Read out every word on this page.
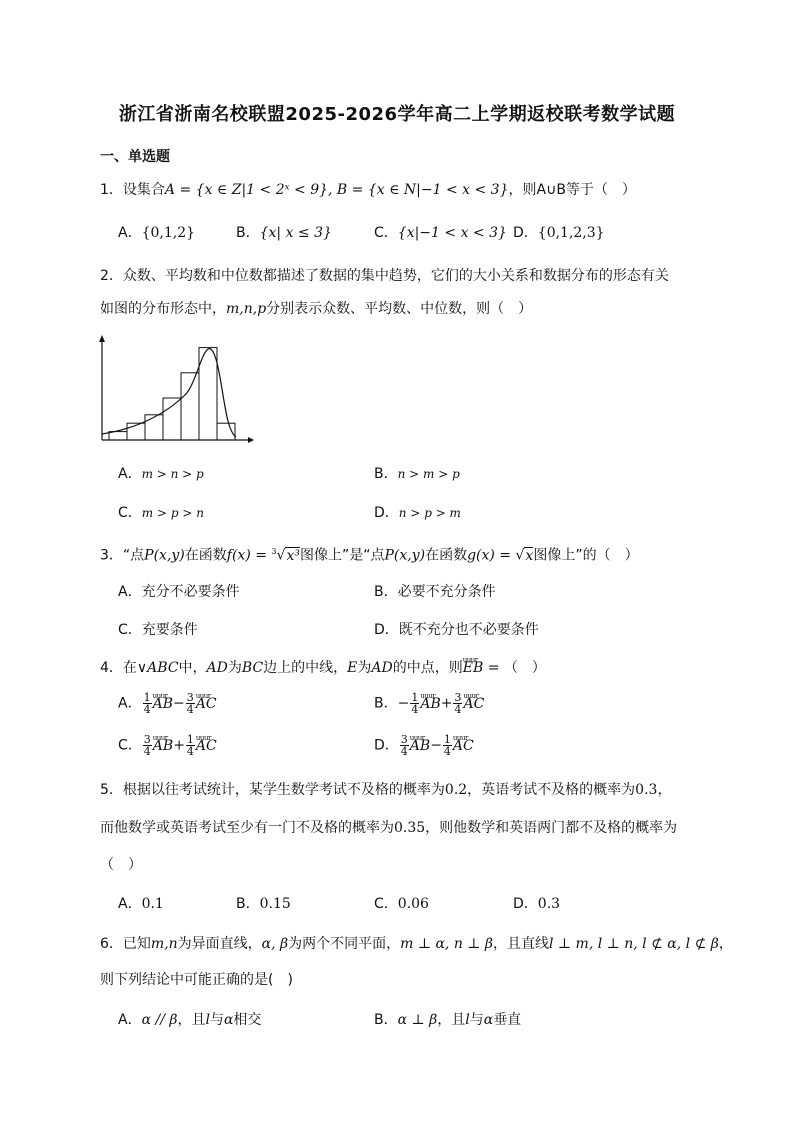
浙江省浙南名校联盟2025-2026学年高二上学期返校联考数学试题
一、单选题
1．设集合A = {x ∈ Z|1 < 2ˣ < 9}, B = {x ∈ N|−1 < x < 3}，则A∪B等于（　）
A．{0,1,2}	B．{x| x ≤ 3}	C．{x|−1 < x < 3} D．{0,1,2,3}
2．众数、平均数和中位数都描述了数据的集中趋势，它们的大小关系和数据分布的形态有关
如图的分布形态中，m,n,p分别表示众数、平均数、中位数，则（　）
A．m > n > p	B．n > m > p
C．m > p > n	D．n > p > m
3．“点P(x,y)在函数f(x) = $^3$√x³图像上”是“点P(x,y)在函数g(x) = √x图像上”的（　）
A．充分不必要条件	B．必要不充分条件
C．充要条件	D．既不充分也不必要条件
4．在∨ABC中，AD为BC边上的中线，E为AD的中点，则uuur EB = （　）
A． $\frac{1}{4}$ uuur $AB- \frac{3}{4}$ uuur AC	B．− $\frac{1}{4}$ uuur $AB+ \frac{3}{4}$ uuur AC
C． $\frac{3}{4}$ uuur $AB+ \frac{1}{4}$ uuur AC	D． $\frac{3}{4}$ uuur $AB- \frac{1}{4}$ uuur AC
5．根据以往考试统计，某学生数学考试不及格的概率为0.2，英语考试不及格的概率为0.3，
而他数学或英语考试至少有一门不及格的概率为0.35，则他数学和英语两门都不及格的概率为
（　）
A．0.1	B．0.15	C．0.06	D．0.3
6．已知m,n为异面直线，α, β为两个不同平面，m ⊥ α, n ⊥ β，且直线l ⊥ m, l ⊥ n, l ⊄ α, l ⊄ β，
则下列结论中可能正确的是(　)
A．α // β，且l与α相交	B．α ⊥ β，且l与α垂直
